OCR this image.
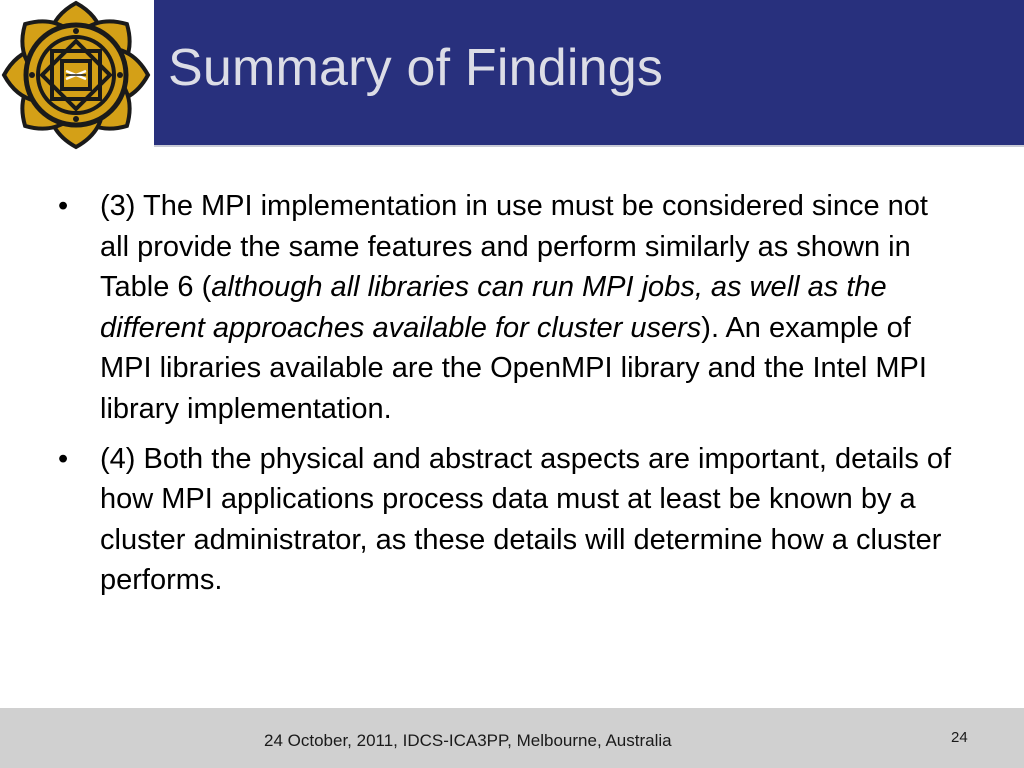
Summary of Findings
• (3) The MPI implementation in use must be considered since not all provide the same features and perform similarly as shown in Table 6 (although all libraries can run MPI jobs, as well as the different approaches available for cluster users). An example of MPI libraries available are the OpenMPI library and the Intel MPI library implementation.
• (4) Both the physical and abstract aspects are important, details of how MPI applications process data must at least be known by a cluster administrator, as these details will determine how a cluster performs.
24 October, 2011, IDCS-ICA3PP, Melbourne, Australia	24
